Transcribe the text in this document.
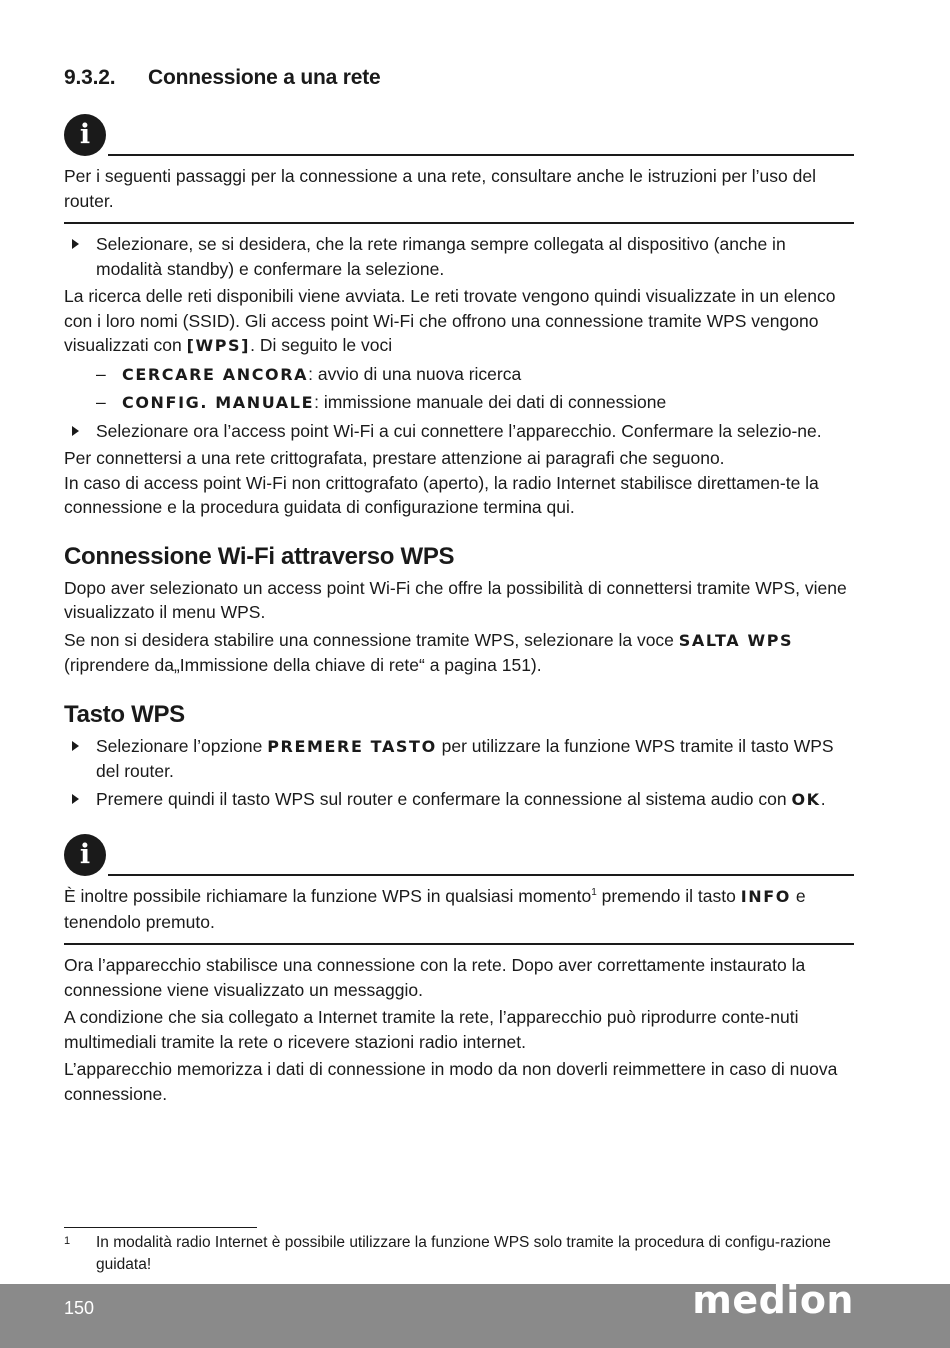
9.3.2. Connessione a una rete
i

Per i seguenti passaggi per la connessione a una rete, consultare anche le istruzioni per l’uso del router.

Selezionare, se si desidera, che la rete rimanga sempre collegata al dispositivo (anche in modalità standby) e confermare la selezione.

La ricerca delle reti disponibili viene avviata. Le reti trovate vengono quindi visualizzate in un elenco con i loro nomi (SSID). Gli access point Wi-Fi che offrono una connessione tramite WPS vengono visualizzati con [WPS]. Di seguito le voci

– CERCARE ANCORA: avvio di una nuova ricerca

– CONFIG. MANUALE: immissione manuale dei dati di connessione

Selezionare ora l’access point Wi-Fi a cui connettere l’apparecchio. Confermare la selezio-ne.

Per connettersi a una rete crittografata, prestare attenzione ai paragrafi che seguono.

In caso di access point Wi-Fi non crittografato (aperto), la radio Internet stabilisce direttamen-te la connessione e la procedura guidata di configurazione termina qui.

Connessione Wi-Fi attraverso WPS

Dopo aver selezionato un access point Wi-Fi che offre la possibilità di connettersi tramite WPS, viene visualizzato il menu WPS.

Se non si desidera stabilire una connessione tramite WPS, selezionare la voce SALTA WPS (riprendere da„Immissione della chiave di rete“ a pagina 151).

Tasto WPS

Selezionare l’opzione PREMERE TASTO per utilizzare la funzione WPS tramite il tasto WPS del router.

Premere quindi il tasto WPS sul router e confermare la connessione al sistema audio con OK.

i

È inoltre possibile richiamare la funzione WPS in qualsiasi momento$^1$ premendo il tasto INFO e tenendolo premuto.

Ora l’apparecchio stabilisce una connessione con la rete. Dopo aver correttamente instaurato la connessione viene visualizzato un messaggio.

A condizione che sia collegato a Internet tramite la rete, l’apparecchio può riprodurre conte-nuti multimediali tramite la rete o ricevere stazioni radio internet.

L’apparecchio memorizza i dati di connessione in modo da non doverli reimmettere in caso di nuova connessione.

1	In modalità radio Internet è possibile utilizzare la funzione WPS solo tramite la procedura di configu-razione guidata!
150	medion
